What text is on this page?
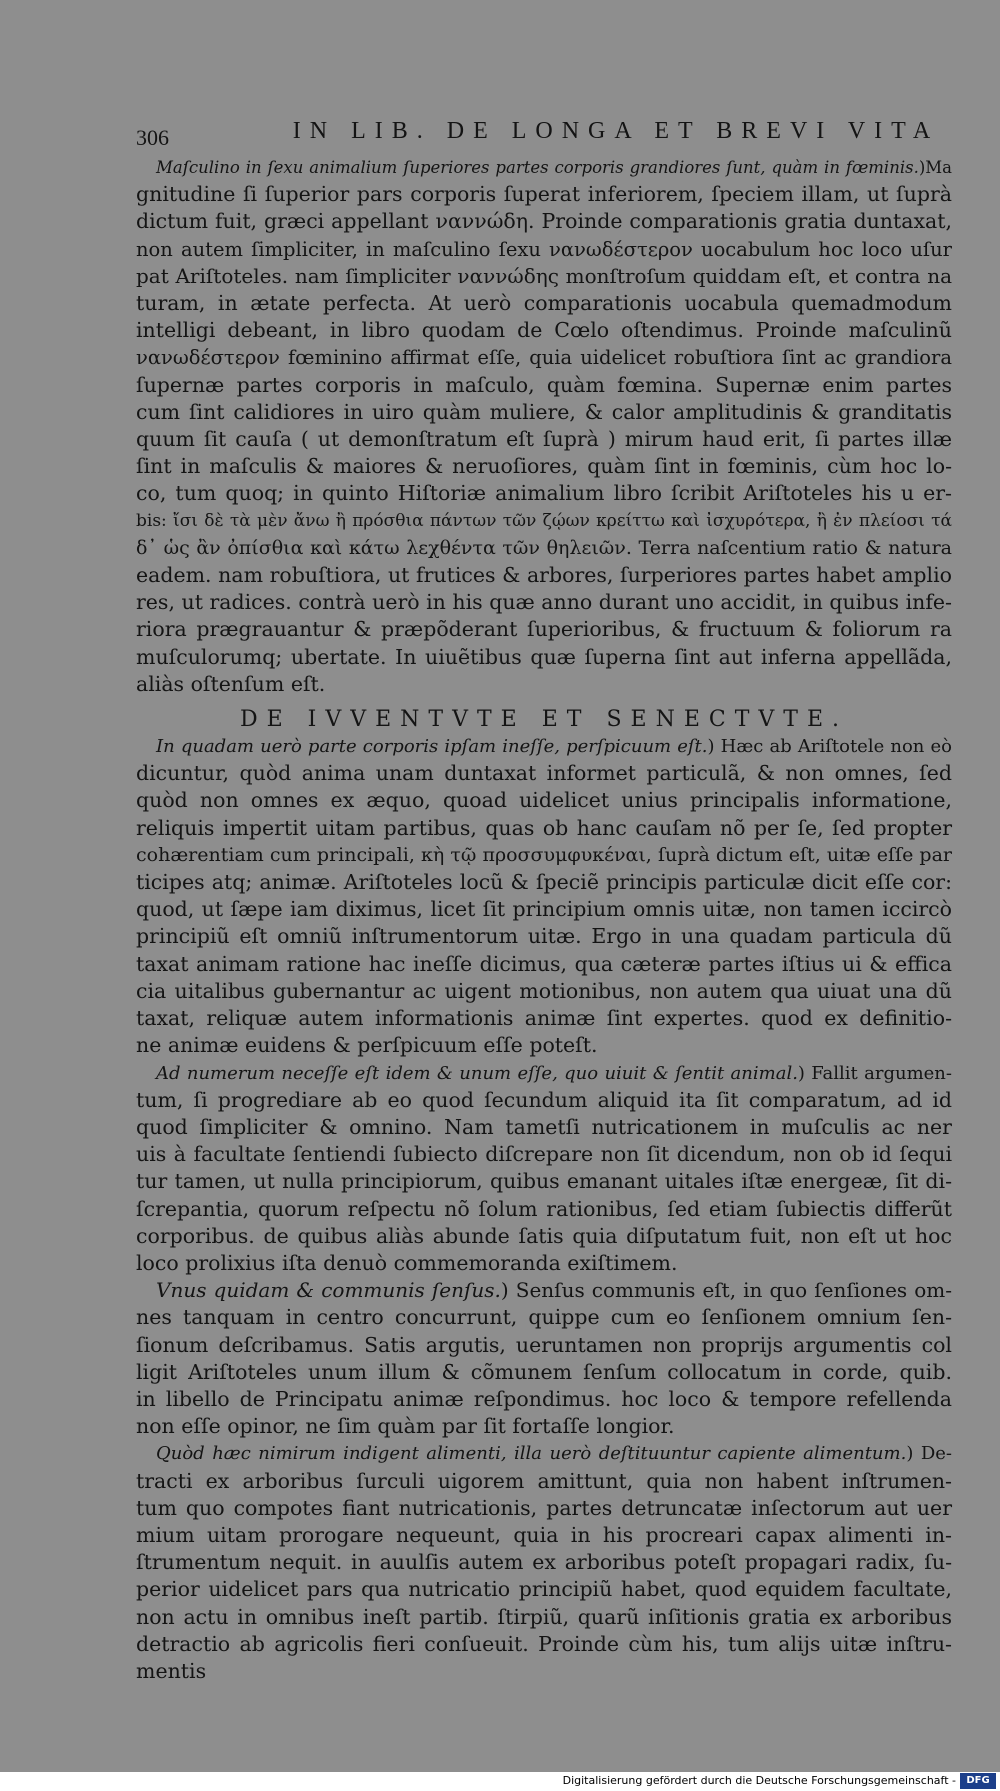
306	IN LIB. DE LONGA ET BREVI VITA
Maſculino in ſexu animalium ſuperiores partes corporis grandiores ſunt, quàm in fœminis.)Ma
gnitudine ſi ſuperior pars corporis ſuperat inferiorem, ſpeciem illam, ut ſuprà
dictum fuit, græci appellant ναννώδη. Proinde comparationis gratia duntaxat,
non autem ſimpliciter, in maſculino ſexu νανωδέστερον uocabulum hoc loco uſur
pat Ariſtoteles. nam ſimpliciter ναννώδης monſtroſum quiddam eſt, et contra na
turam, in ætate perfecta. At uerò comparationis uocabula quemadmodum
intelligi debeant, in libro quodam de Cœlo oſtendimus. Proinde maſculinũ
νανωδέστερον fœminino affirmat eſſe, quia uidelicet robuſtiora ſint ac grandiora
ſupernæ partes corporis in maſculo, quàm fœmina. Supernæ enim partes
cum ſint calidiores in uiro quàm muliere, & calor amplitudinis & granditatis
quum ſit cauſa ( ut demonſtratum eſt ſuprà ) mirum haud erit, ſi partes illæ
ſint in maſculis & maiores & neruoſiores, quàm ſint in fœminis, cùm hoc lo-
co, tum quoq; in quinto Hiſtoriæ animalium libro ſcribit Ariſtoteles his u er-
bis: ἴσι δὲ τὰ μὲν ἄνω ἢ πρόσθια πάντων τῶν ζῴων κρείττω καὶ ἰσχυρότερα, ἢ ἐν πλείοσι τά
δ᾿ ὡς ἂν ὀπίσθια καὶ κάτω λεχθέντα τῶν θηλειῶν. Terra naſcentium ratio & natura
eadem. nam robuſtiora, ut frutices & arbores, ſurperiores partes habet amplio
res, ut radices. contrà uerò in his quæ anno durant uno accidit, in quibus infe-
riora prægrauantur & præpõderant ſuperioribus, & fructuum & foliorum ra
muſculorumq; ubertate. In uiuẽtibus quæ ſuperna ſint aut inferna appellãda,
aliàs oſtenſum eſt.
DE IVVENTVTE ET SENECTVTE.
In quadam uerò parte corporis ipſam ineſſe, perſpicuum eſt.) Hæc ab Ariſtotele non eò
dicuntur, quòd anima unam duntaxat informet particulã, & non omnes, ſed
quòd non omnes ex æquo, quoad uidelicet unius principalis informatione,
reliquis impertit uitam partibus, quas ob hanc cauſam nõ per ſe, ſed propter
cohærentiam cum principali, κὴ τῷ προσσυμφυκέναι, ſuprà dictum eſt, uitæ eſſe par
ticipes atq; animæ. Ariſtoteles locũ & ſpeciẽ principis particulæ dicit eſſe cor:
quod, ut ſæpe iam diximus, licet ſit principium omnis uitæ, non tamen iccircò
principiũ eſt omniũ inſtrumentorum uitæ. Ergo in una quadam particula dũ
taxat animam ratione hac ineſſe dicimus, qua cæteræ partes iſtius ui & effica
cia uitalibus gubernantur ac uigent motionibus, non autem qua uiuat una dũ
taxat, reliquæ autem informationis animæ ſint expertes. quod ex definitio-
ne animæ euidens & perſpicuum eſſe poteſt.
Ad numerum neceſſe eſt idem & unum eſſe, quo uiuit & ſentit animal.) Fallit argumen-
tum, ſi progrediare ab eo quod ſecundum aliquid ita ſit comparatum, ad id
quod ſimpliciter & omnino. Nam tametſi nutricationem in muſculis ac ner
uis à facultate ſentiendi ſubiecto diſcrepare non ſit dicendum, non ob id ſequi
tur tamen, ut nulla principiorum, quibus emanant uitales iſtæ energeæ, ſit di-
ſcrepantia, quorum reſpectu nõ ſolum rationibus, ſed etiam ſubiectis differũt
corporibus. de quibus aliàs abunde ſatis quia diſputatum fuit, non eſt ut hoc
loco prolixius iſta denuò commemoranda exiſtimem.
Vnus quidam & communis ſenſus.) Senſus communis eſt, in quo ſenſiones om-
nes tanquam in centro concurrunt, quippe cum eo ſenſionem omnium ſen-
ſionum deſcribamus. Satis argutis, ueruntamen non proprijs argumentis col
ligit Ariſtoteles unum illum & cõmunem ſenſum collocatum in corde, quib.
in libello de Principatu animæ reſpondimus. hoc loco & tempore refellenda
non eſſe opinor, ne ſim quàm par ſit fortaſſe longior.
Quòd hæc nimirum indigent alimenti, illa uerò deſtituuntur capiente alimentum.) De-
tracti ex arboribus ſurculi uigorem amittunt, quia non habent inſtrumen-
tum quo compotes fiant nutricationis, partes detruncatæ inſectorum aut uer
mium uitam prorogare nequeunt, quia in his procreari capax alimenti in-
ſtrumentum nequit. in auulſis autem ex arboribus poteſt propagari radix, ſu-
perior uidelicet pars qua nutricatio principiũ habet, quod equidem facultate,
non actu in omnibus ineſt partib. ſtirpiũ, quarũ inſitionis gratia ex arboribus
detractio ab agricolis fieri conſueuit. Proinde cùm his, tum alijs uitæ inſtru-
mentis
Digitalisierung gefördert durch die Deutsche Forschungsgemeinschaft -	DFG
